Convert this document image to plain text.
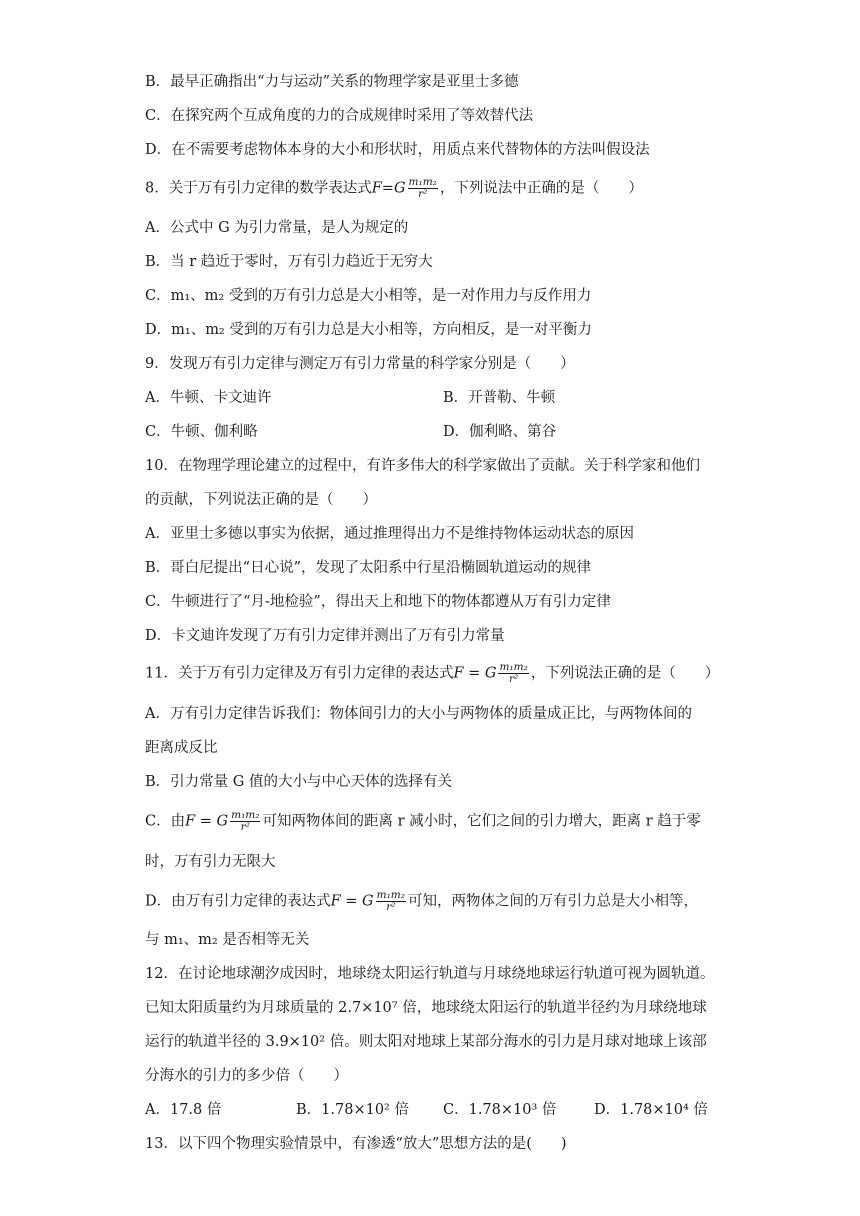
B．最早正确指出“力与运动”关系的物理学家是亚里士多德
C．在探究两个互成角度的力的合成规律时采用了等效替代法
D．在不需要考虑物体本身的大小和形状时，用质点来代替物体的方法叫假设法
8．关于万有引力定律的数学表达式$F=G \frac{\text{m₁m₂}}{\text{r²}}$ ，下列说法中正确的是（　　）
A．公式中 G 为引力常量，是人为规定的
B．当 r 趋近于零时，万有引力趋近于无穷大
C．m₁、m₂ 受到的万有引力总是大小相等，是一对作用力与反作用力
D．m₁、m₂ 受到的万有引力总是大小相等，方向相反，是一对平衡力
9．发现万有引力定律与测定万有引力常量的科学家分别是（　　）
A．牛顿、卡文迪许	B．开普勒、牛顿
C．牛顿、伽利略	D．伽利略、第谷
10．在物理学理论建立的过程中，有许多伟大的科学家做出了贡献。关于科学家和他们
的贡献，下列说法正确的是（　　）
A．亚里士多德以事实为依据，通过推理得出力不是维持物体运动状态的原因
B．哥白尼提出“日心说”，发现了太阳系中行星沿椭圆轨道运动的规律
C．牛顿进行了“月-地检验”，得出天上和地下的物体都遵从万有引力定律
D．卡文迪许发现了万有引力定律并测出了万有引力常量
11．关于万有引力定律及万有引力定律的表达式F = G $\frac{\text{m₁m₂}}{\text{r²}}$ ，下列说法正确的是（　　）
A．万有引力定律告诉我们：物体间引力的大小与两物体的质量成正比，与两物体间的
距离成反比
B．引力常量 G 值的大小与中心天体的选择有关
C．由F = G $\frac{\text{m₁m₂}}{\text{r²}}$ 可知两物体间的距离 r 减小时，它们之间的引力增大，距离 r 趋于零
时，万有引力无限大
D．由万有引力定律的表达式F = G $\frac{\text{m₁m₂}}{\text{r²}}$ 可知，两物体之间的万有引力总是大小相等，
与 m₁、m₂ 是否相等无关
12．在讨论地球潮汐成因时，地球绕太阳运行轨道与月球绕地球运行轨道可视为圆轨道。
已知太阳质量约为月球质量的 2.7×10⁷ 倍，地球绕太阳运行的轨道半径约为月球绕地球
运行的轨道半径的 3.9×10² 倍。则太阳对地球上某部分海水的引力是月球对地球上该部
分海水的引力的多少倍（　　）
A．17.8 倍	B．1.78×10² 倍 C．1.78×10³ 倍	D．1.78×10⁴ 倍
13．以下四个物理实验情景中，有渗透“放大”思想方法的是(　　)
